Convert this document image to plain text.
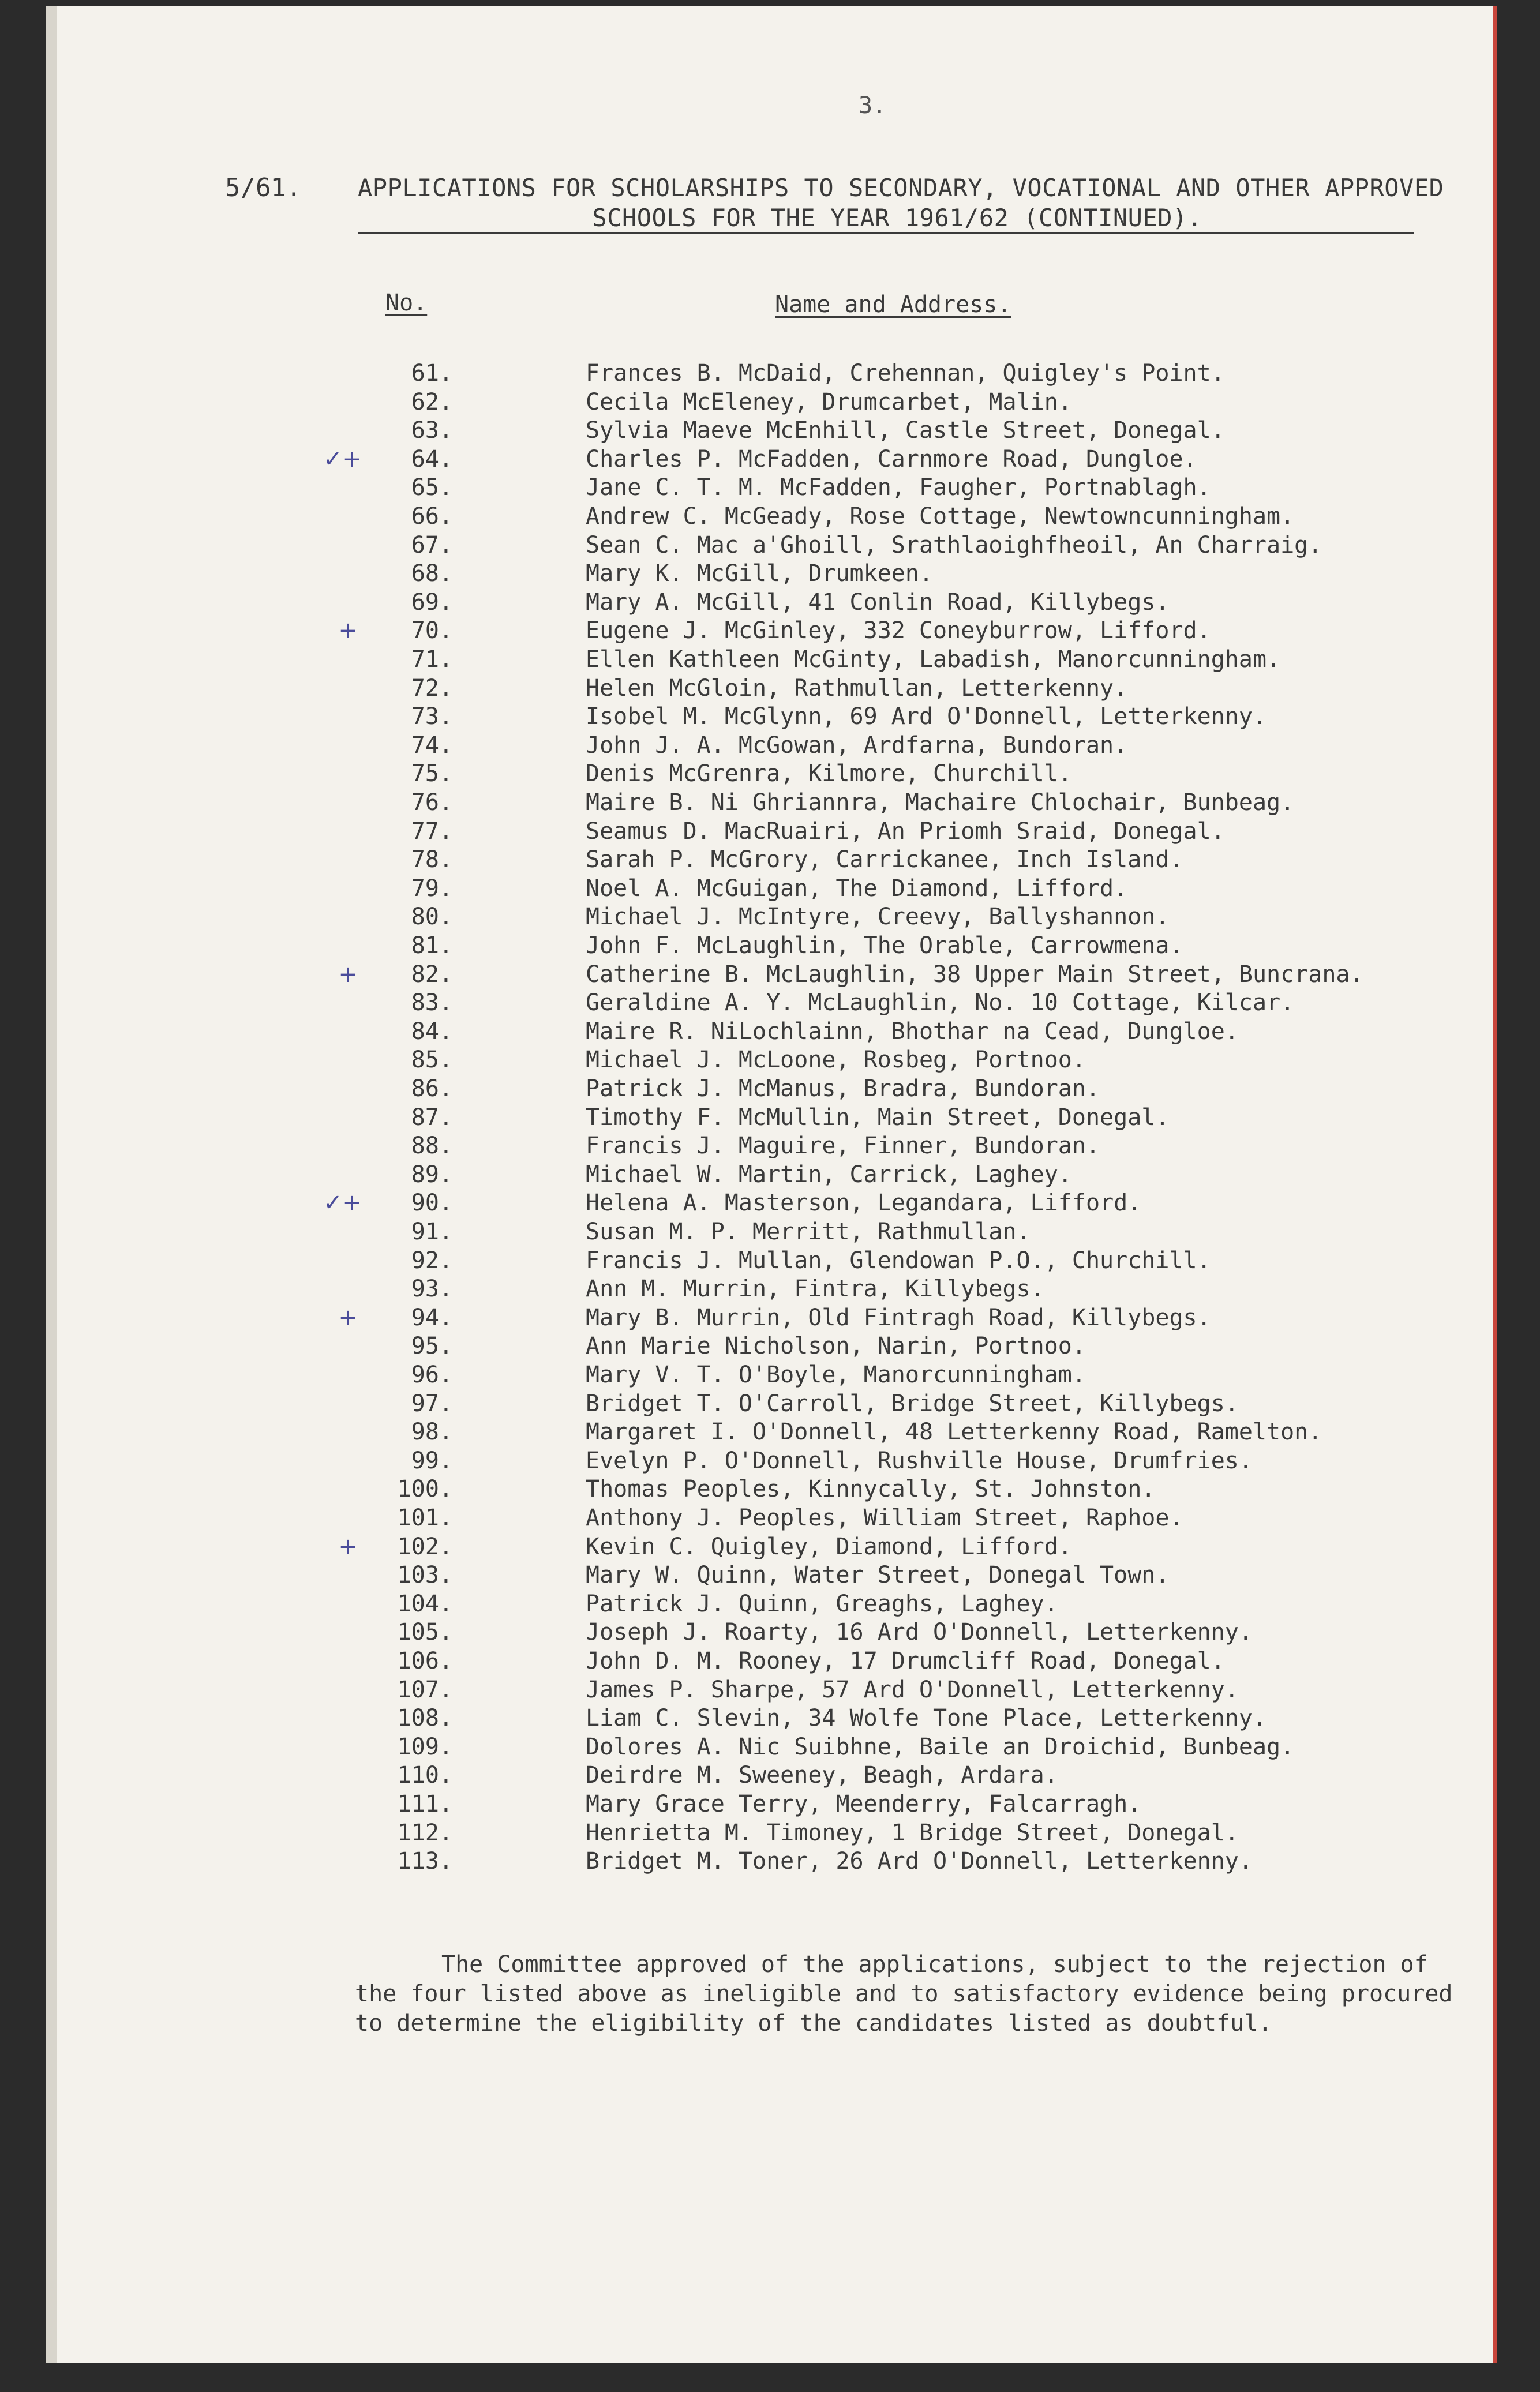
3.
5/61. APPLICATIONS FOR SCHOLARSHIPS TO SECONDARY, VOCATIONAL AND OTHER APPROVED
SCHOOLS FOR THE YEAR 1961/62 (CONTINUED).
No.	Name and Address.
61.	Frances B. McDaid, Crehennan, Quigley's Point.
62.	Cecila McEleney, Drumcarbet, Malin.
63.	Sylvia Maeve McEnhill, Castle Street, Donegal.
✓+	64.	Charles P. McFadden, Carnmore Road, Dungloe.
65.	Jane C. T. M. McFadden, Faugher, Portnablagh.
66.	Andrew C. McGeady, Rose Cottage, Newtowncunningham.
67.	Sean C. Mac a'Ghoill, Srathlaoighfheoil, An Charraig.
68.	Mary K. McGill, Drumkeen.
69.	Mary A. McGill, 41 Conlin Road, Killybegs.
+	70.	Eugene J. McGinley, 332 Coneyburrow, Lifford.
71.	Ellen Kathleen McGinty, Labadish, Manorcunningham.
72.	Helen McGloin, Rathmullan, Letterkenny.
73.	Isobel M. McGlynn, 69 Ard O'Donnell, Letterkenny.
74.	John J. A. McGowan, Ardfarna, Bundoran.
75.	Denis McGrenra, Kilmore, Churchill.
76.	Maire B. Ni Ghriannra, Machaire Chlochair, Bunbeag.
77.	Seamus D. MacRuairi, An Priomh Sraid, Donegal.
78.	Sarah P. McGrory, Carrickanee, Inch Island.
79.	Noel A. McGuigan, The Diamond, Lifford.
80.	Michael J. McIntyre, Creevy, Ballyshannon.
81.	John F. McLaughlin, The Orable, Carrowmena.
+	82.	Catherine B. McLaughlin, 38 Upper Main Street, Buncrana.
83.	Geraldine A. Y. McLaughlin, No. 10 Cottage, Kilcar.
84.	Maire R. NiLochlainn, Bhothar na Cead, Dungloe.
85.	Michael J. McLoone, Rosbeg, Portnoo.
86.	Patrick J. McManus, Bradra, Bundoran.
87.	Timothy F. McMullin, Main Street, Donegal.
88.	Francis J. Maguire, Finner, Bundoran.
89.	Michael W. Martin, Carrick, Laghey.
✓+	90.	Helena A. Masterson, Legandara, Lifford.
91.	Susan M. P. Merritt, Rathmullan.
92.	Francis J. Mullan, Glendowan P.O., Churchill.
93.	Ann M. Murrin, Fintra, Killybegs.
+	94.	Mary B. Murrin, Old Fintragh Road, Killybegs.
95.	Ann Marie Nicholson, Narin, Portnoo.
96.	Mary V. T. O'Boyle, Manorcunningham.
97.	Bridget T. O'Carroll, Bridge Street, Killybegs.
98.	Margaret I. O'Donnell, 48 Letterkenny Road, Ramelton.
99.	Evelyn P. O'Donnell, Rushville House, Drumfries.
100.	Thomas Peoples, Kinnycally, St. Johnston.
101.	Anthony J. Peoples, William Street, Raphoe.
+	102.	Kevin C. Quigley, Diamond, Lifford.
103.	Mary W. Quinn, Water Street, Donegal Town.
104.	Patrick J. Quinn, Greaghs, Laghey.
105.	Joseph J. Roarty, 16 Ard O'Donnell, Letterkenny.
106.	John D. M. Rooney, 17 Drumcliff Road, Donegal.
107.	James P. Sharpe, 57 Ard O'Donnell, Letterkenny.
108.	Liam C. Slevin, 34 Wolfe Tone Place, Letterkenny.
109.	Dolores A. Nic Suibhne, Baile an Droichid, Bunbeag.
110.	Deirdre M. Sweeney, Beagh, Ardara.
111.	Mary Grace Terry, Meenderry, Falcarragh.
112.	Henrietta M. Timoney, 1 Bridge Street, Donegal.
113.	Bridget M. Toner, 26 Ard O'Donnell, Letterkenny.
The Committee approved of the applications, subject to the rejection of
the four listed above as ineligible and to satisfactory evidence being procured
to determine the eligibility of the candidates listed as doubtful.
